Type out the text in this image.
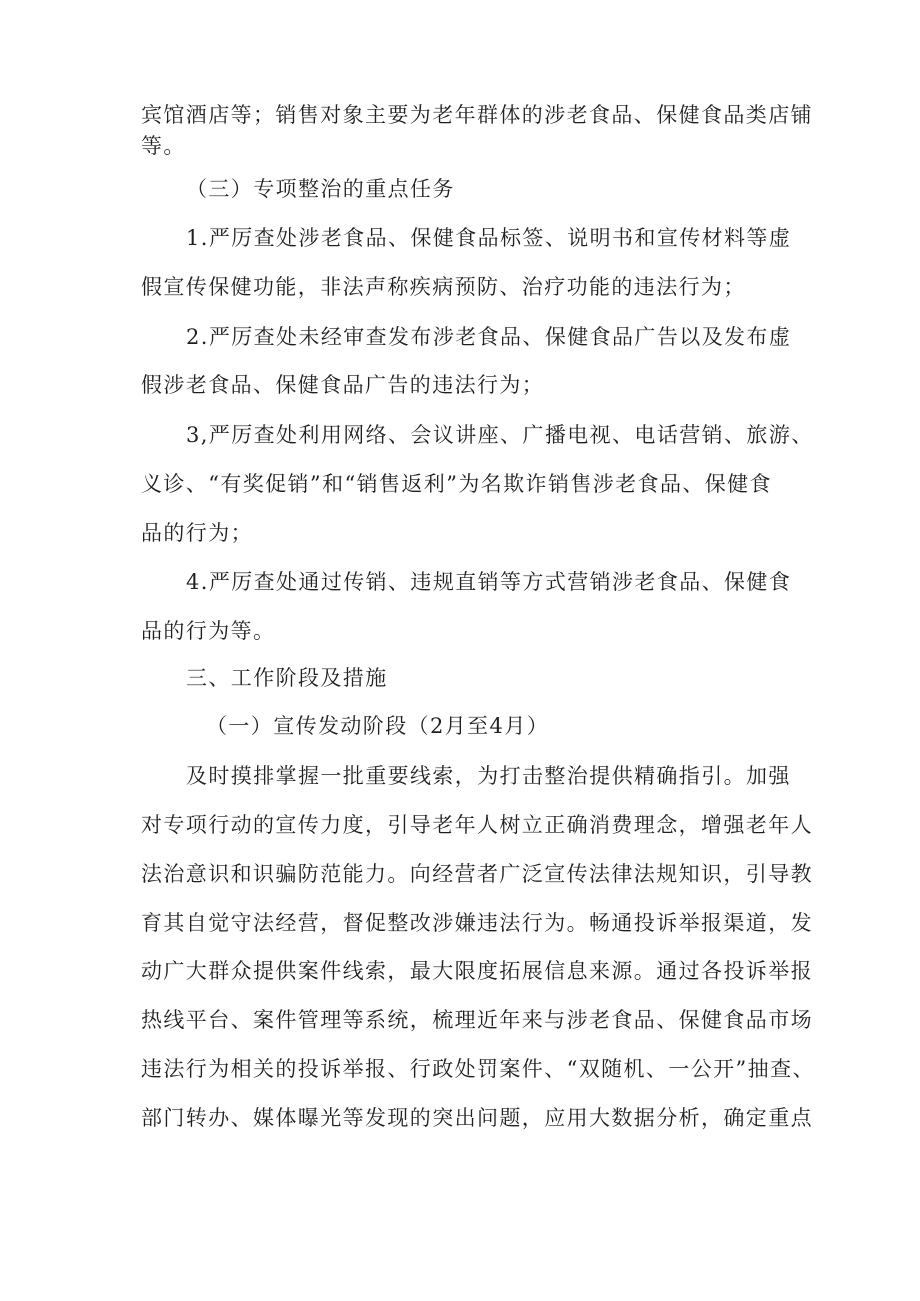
宾馆酒店等；销售对象主要为老年群体的涉老食品、保健食品类店铺
等。
（三）专项整治的重点任务
1.严厉查处涉老食品、保健食品标签、说明书和宣传材料等虚
假宣传保健功能，非法声称疾病预防、治疗功能的违法行为；
2.严厉查处未经审查发布涉老食品、保健食品广告以及发布虚
假涉老食品、保健食品广告的违法行为；
3,严厉查处利用网络、会议讲座、广播电视、电话营销、旅游、
义诊、“有奖促销”和“销售返利”为名欺诈销售涉老食品、保健食
品的行为；
4.严厉查处通过传销、违规直销等方式营销涉老食品、保健食
品的行为等。
三、工作阶段及措施
（一）宣传发动阶段（2月至4月）
及时摸排掌握一批重要线索，为打击整治提供精确指引。加强
对专项行动的宣传力度，引导老年人树立正确消费理念，增强老年人
法治意识和识骗防范能力。向经营者广泛宣传法律法规知识，引导教
育其自觉守法经营，督促整改涉嫌违法行为。畅通投诉举报渠道，发
动广大群众提供案件线索，最大限度拓展信息来源。通过各投诉举报
热线平台、案件管理等系统，梳理近年来与涉老食品、保健食品市场
违法行为相关的投诉举报、行政处罚案件、“双随机、一公开”抽查、
部门转办、媒体曝光等发现的突出问题，应用大数据分析，确定重点
